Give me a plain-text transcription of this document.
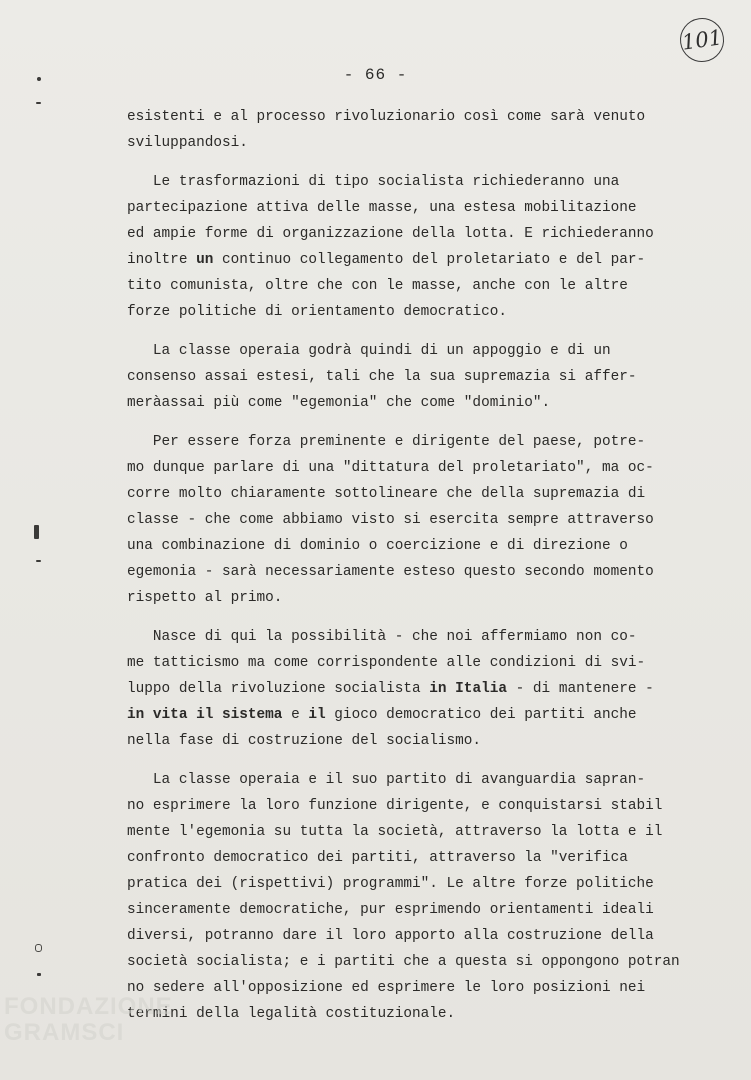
101
- 66 -
esistenti e al processo rivoluzionario così come sarà venuto
sviluppandosi.
Le trasformazioni di tipo socialista richiederanno una
partecipazione attiva delle masse, una estesa mobilitazione
ed ampie forme di organizzazione della lotta. E richiederanno
inoltre un continuo collegamento del proletariato e del par-
tito comunista, oltre che con le masse, anche con le altre
forze politiche di orientamento democratico.
La classe operaia godrà quindi di un appoggio e di un
consenso assai estesi, tali che la sua supremazia si affer-
meràassai più come "egemonia" che come "dominio".
Per essere forza preminente e dirigente del paese, potre-
mo dunque parlare di una "dittatura del proletariato", ma oc-
corre molto chiaramente sottolineare che della supremazia di
classe - che come abbiamo visto si esercita sempre attraverso
una combinazione di dominio o coercizione e di direzione o
egemonia - sarà necessariamente esteso questo secondo momento
rispetto al primo.
Nasce di qui la possibilità - che noi affermiamo non co-
me tatticismo ma come corrispondente alle condizioni di svi-
luppo della rivoluzione socialista in Italia - di mantenere -
in vita il sistema e il gioco democratico dei partiti anche
nella fase di costruzione del socialismo.
La classe operaia e il suo partito di avanguardia sapran-
no esprimere la loro funzione dirigente, e conquistarsi stabil
mente l'egemonia su tutta la società, attraverso la lotta e il
confronto democratico dei partiti, attraverso la "verifica
pratica dei (rispettivi) programmi". Le altre forze politiche
sinceramente democratiche, pur esprimendo orientamenti ideali
diversi, potranno dare il loro apporto alla costruzione della
società socialista; e i partiti che a questa si oppongono potran
no sedere all'opposizione ed esprimere le loro posizioni nei
termini della legalità costituzionale.
FONDAZIONE
GRAMSCI
